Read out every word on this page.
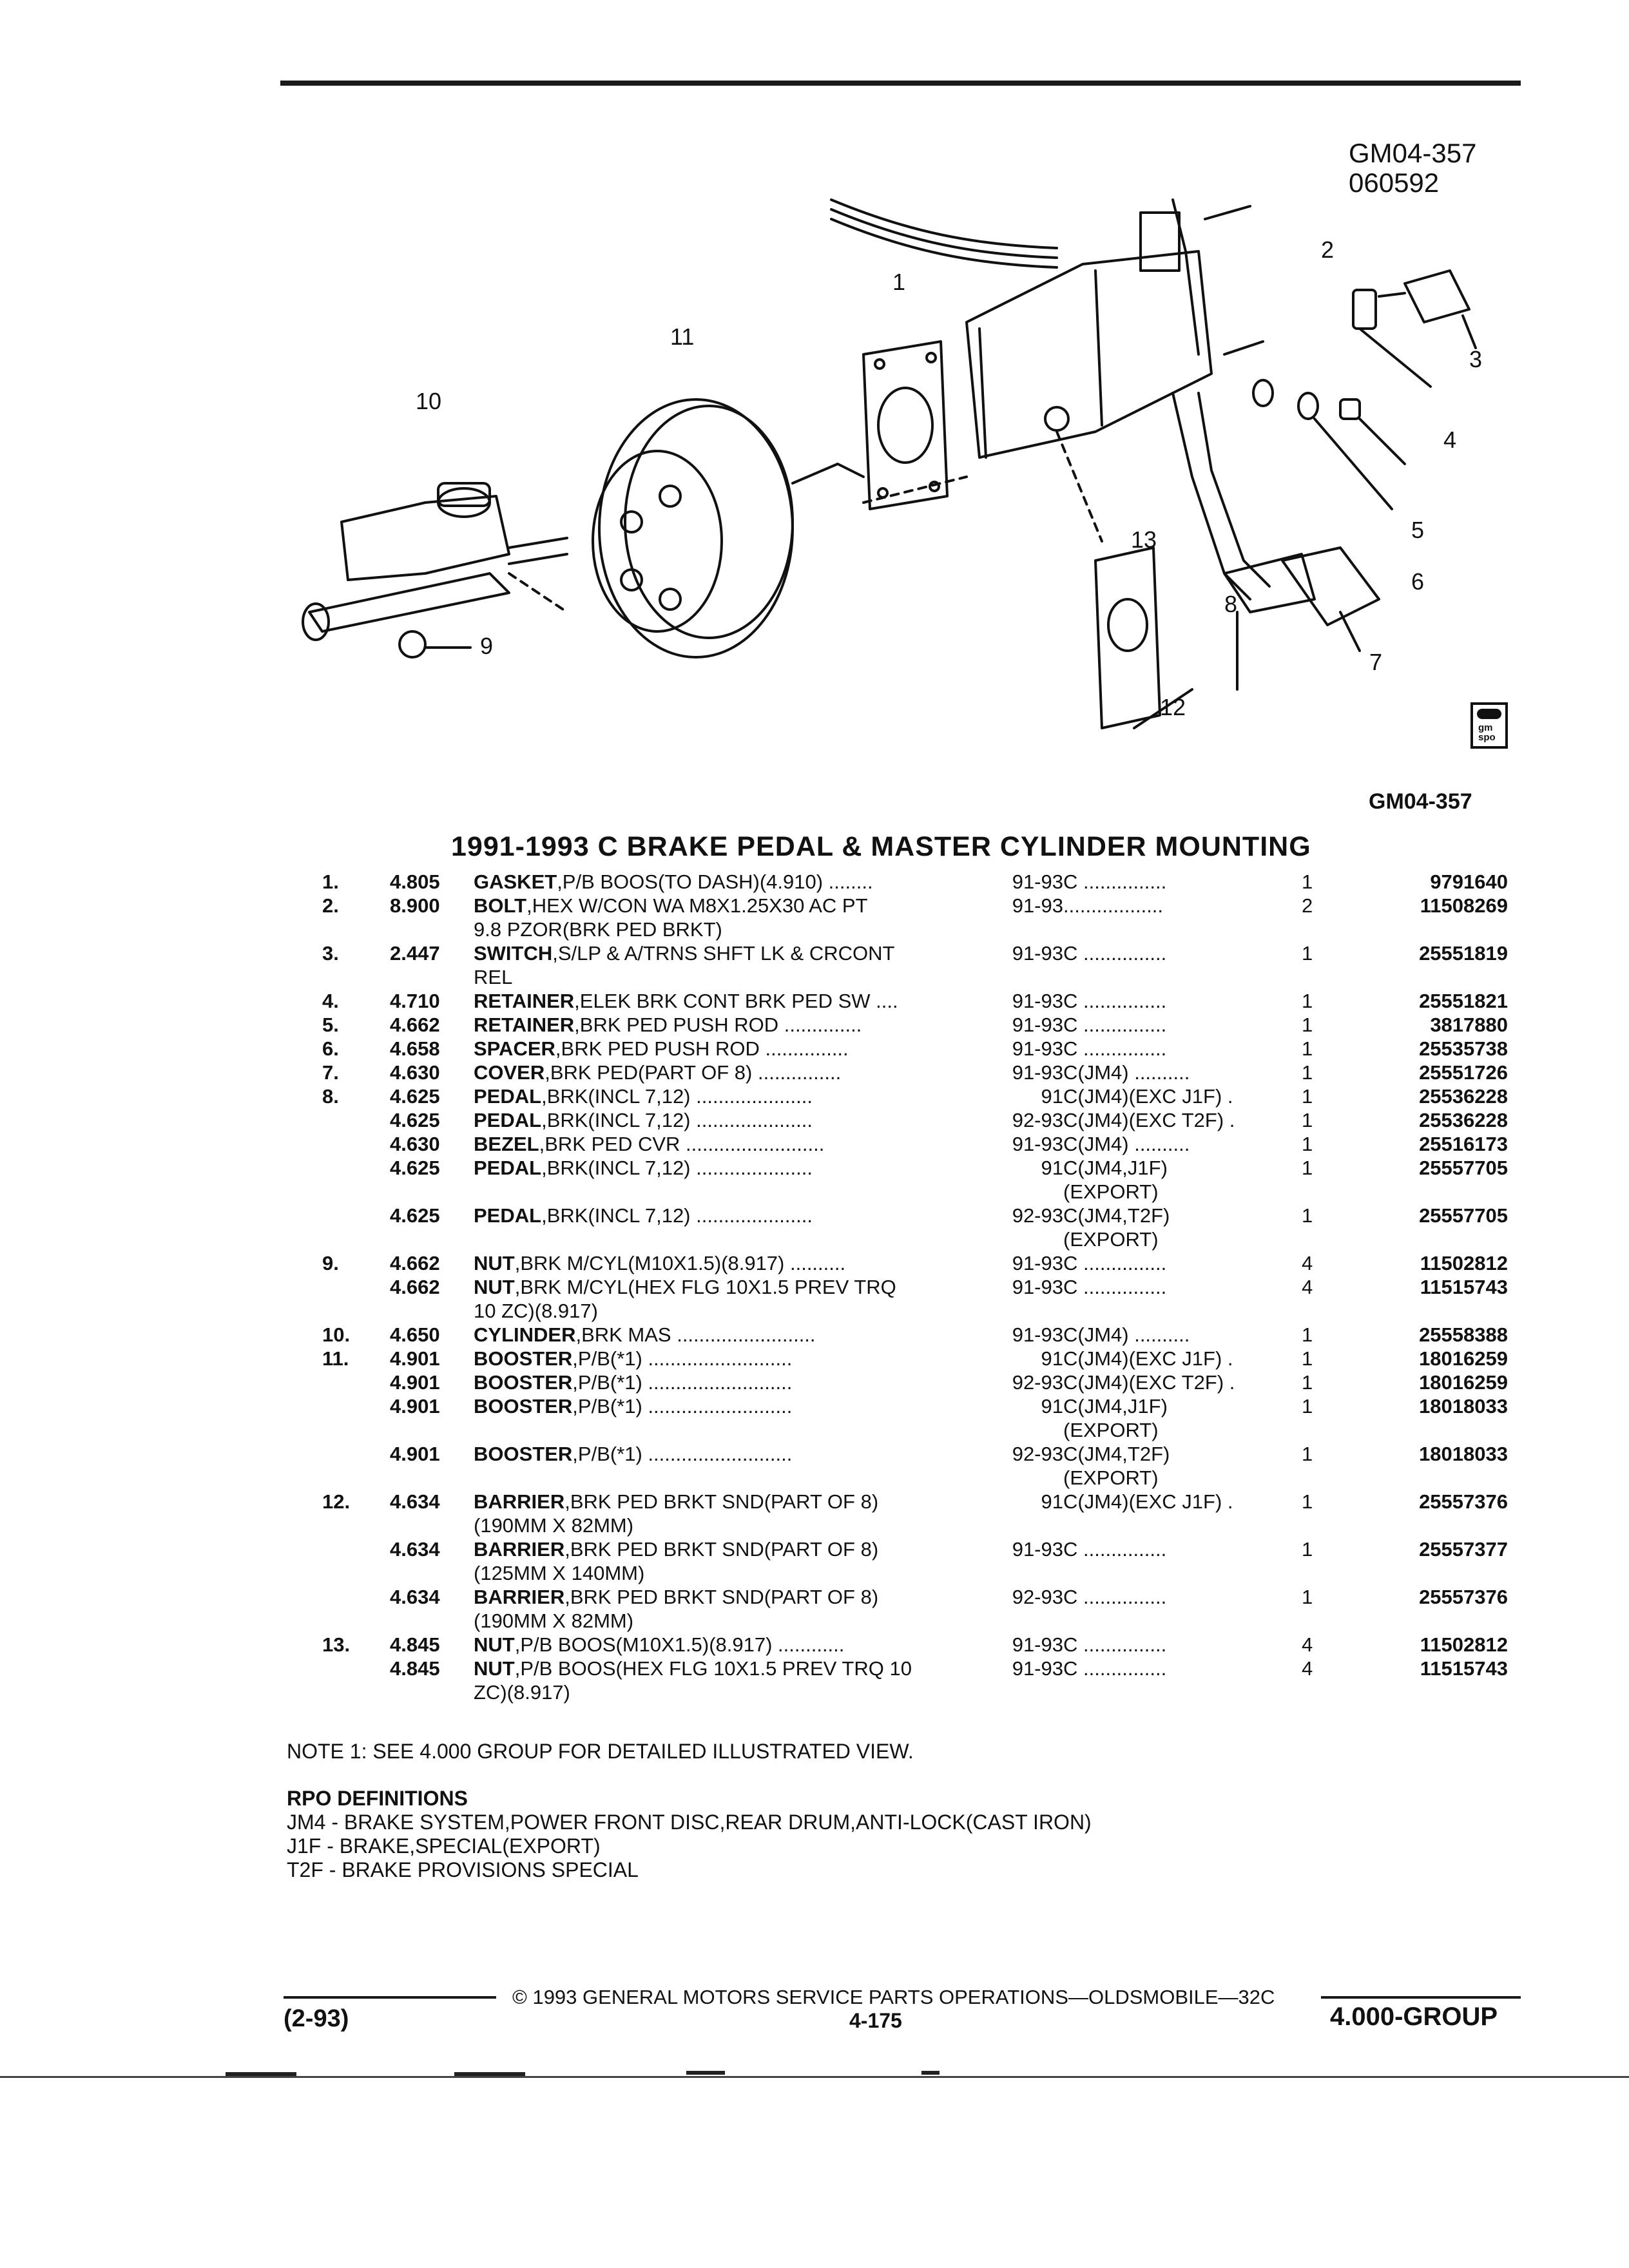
GM04-357
060592
1
2
3
4
5
6
7
8
9
10
11
12
13
gm spo
GM04-357
1991-1993 C BRAKE PEDAL & MASTER CYLINDER MOUNTING
1.	4.805	GASKET,P/B BOOS(TO DASH)(4.910) ........	91-93	C ...............	1	9791640
2.	8.900	BOLT,HEX W/CON WA M8X1.25X30 AC PT
9.8 PZOR(BRK PED BRKT)	91-93	..................	2	11508269
3.	2.447	SWITCH,S/LP & A/TRNS SHFT LK & CRCONT
REL	91-93	C ...............	1	25551819
4.	4.710	RETAINER,ELEK BRK CONT BRK PED SW ....	91-93	C ...............	1	25551821
5.	4.662	RETAINER,BRK PED PUSH ROD ..............	91-93	C ...............	1	3817880
6.	4.658	SPACER,BRK PED PUSH ROD ...............	91-93	C ...............	1	25535738
7.	4.630	COVER,BRK PED(PART OF 8) ...............	91-93	C(JM4) ..........	1	25551726
8.	4.625	PEDAL,BRK(INCL 7,12) .....................	91	C(JM4)(EXC J1F) .	1	25536228
	4.625	PEDAL,BRK(INCL 7,12) .....................	92-93	C(JM4)(EXC T2F) .	1	25536228
	4.630	BEZEL,BRK PED CVR .........................	91-93	C(JM4) ..........	1	25516173
	4.625	PEDAL,BRK(INCL 7,12) .....................	91	C(JM4,J1F)
(EXPORT)	1	25557705
	4.625	PEDAL,BRK(INCL 7,12) .....................	92-93	C(JM4,T2F)
(EXPORT)	1	25557705
9.	4.662	NUT,BRK M/CYL(M10X1.5)(8.917) ..........	91-93	C ...............	4	11502812
	4.662	NUT,BRK M/CYL(HEX FLG 10X1.5 PREV TRQ
10 ZC)(8.917)	91-93	C ...............	4	11515743
10.	4.650	CYLINDER,BRK MAS .........................	91-93	C(JM4) ..........	1	25558388
11.	4.901	BOOSTER,P/B(*1) ..........................	91	C(JM4)(EXC J1F) .	1	18016259
	4.901	BOOSTER,P/B(*1) ..........................	92-93	C(JM4)(EXC T2F) .	1	18016259
	4.901	BOOSTER,P/B(*1) ..........................	91	C(JM4,J1F)
(EXPORT)	1	18018033
	4.901	BOOSTER,P/B(*1) ..........................	92-93	C(JM4,T2F)
(EXPORT)	1	18018033
12.	4.634	BARRIER,BRK PED BRKT SND(PART OF 8)
(190MM X 82MM)	91	C(JM4)(EXC J1F) .	1	25557376
	4.634	BARRIER,BRK PED BRKT SND(PART OF 8)
(125MM X 140MM)	91-93	C ...............	1	25557377
	4.634	BARRIER,BRK PED BRKT SND(PART OF 8)
(190MM X 82MM)	92-93	C ...............	1	25557376
13.	4.845	NUT,P/B BOOS(M10X1.5)(8.917) ............	91-93	C ...............	4	11502812
	4.845	NUT,P/B BOOS(HEX FLG 10X1.5 PREV TRQ 10
ZC)(8.917)	91-93	C ...............	4	11515743
NOTE 1: SEE 4.000 GROUP FOR DETAILED ILLUSTRATED VIEW.
RPO DEFINITIONS
JM4 - BRAKE SYSTEM,POWER FRONT DISC,REAR DRUM,ANTI-LOCK(CAST IRON)
J1F - BRAKE,SPECIAL(EXPORT)
T2F - BRAKE PROVISIONS SPECIAL
© 1993 GENERAL MOTORS SERVICE PARTS OPERATIONS—OLDSMOBILE—32C
(2-93)	4-175	4.000-GROUP
